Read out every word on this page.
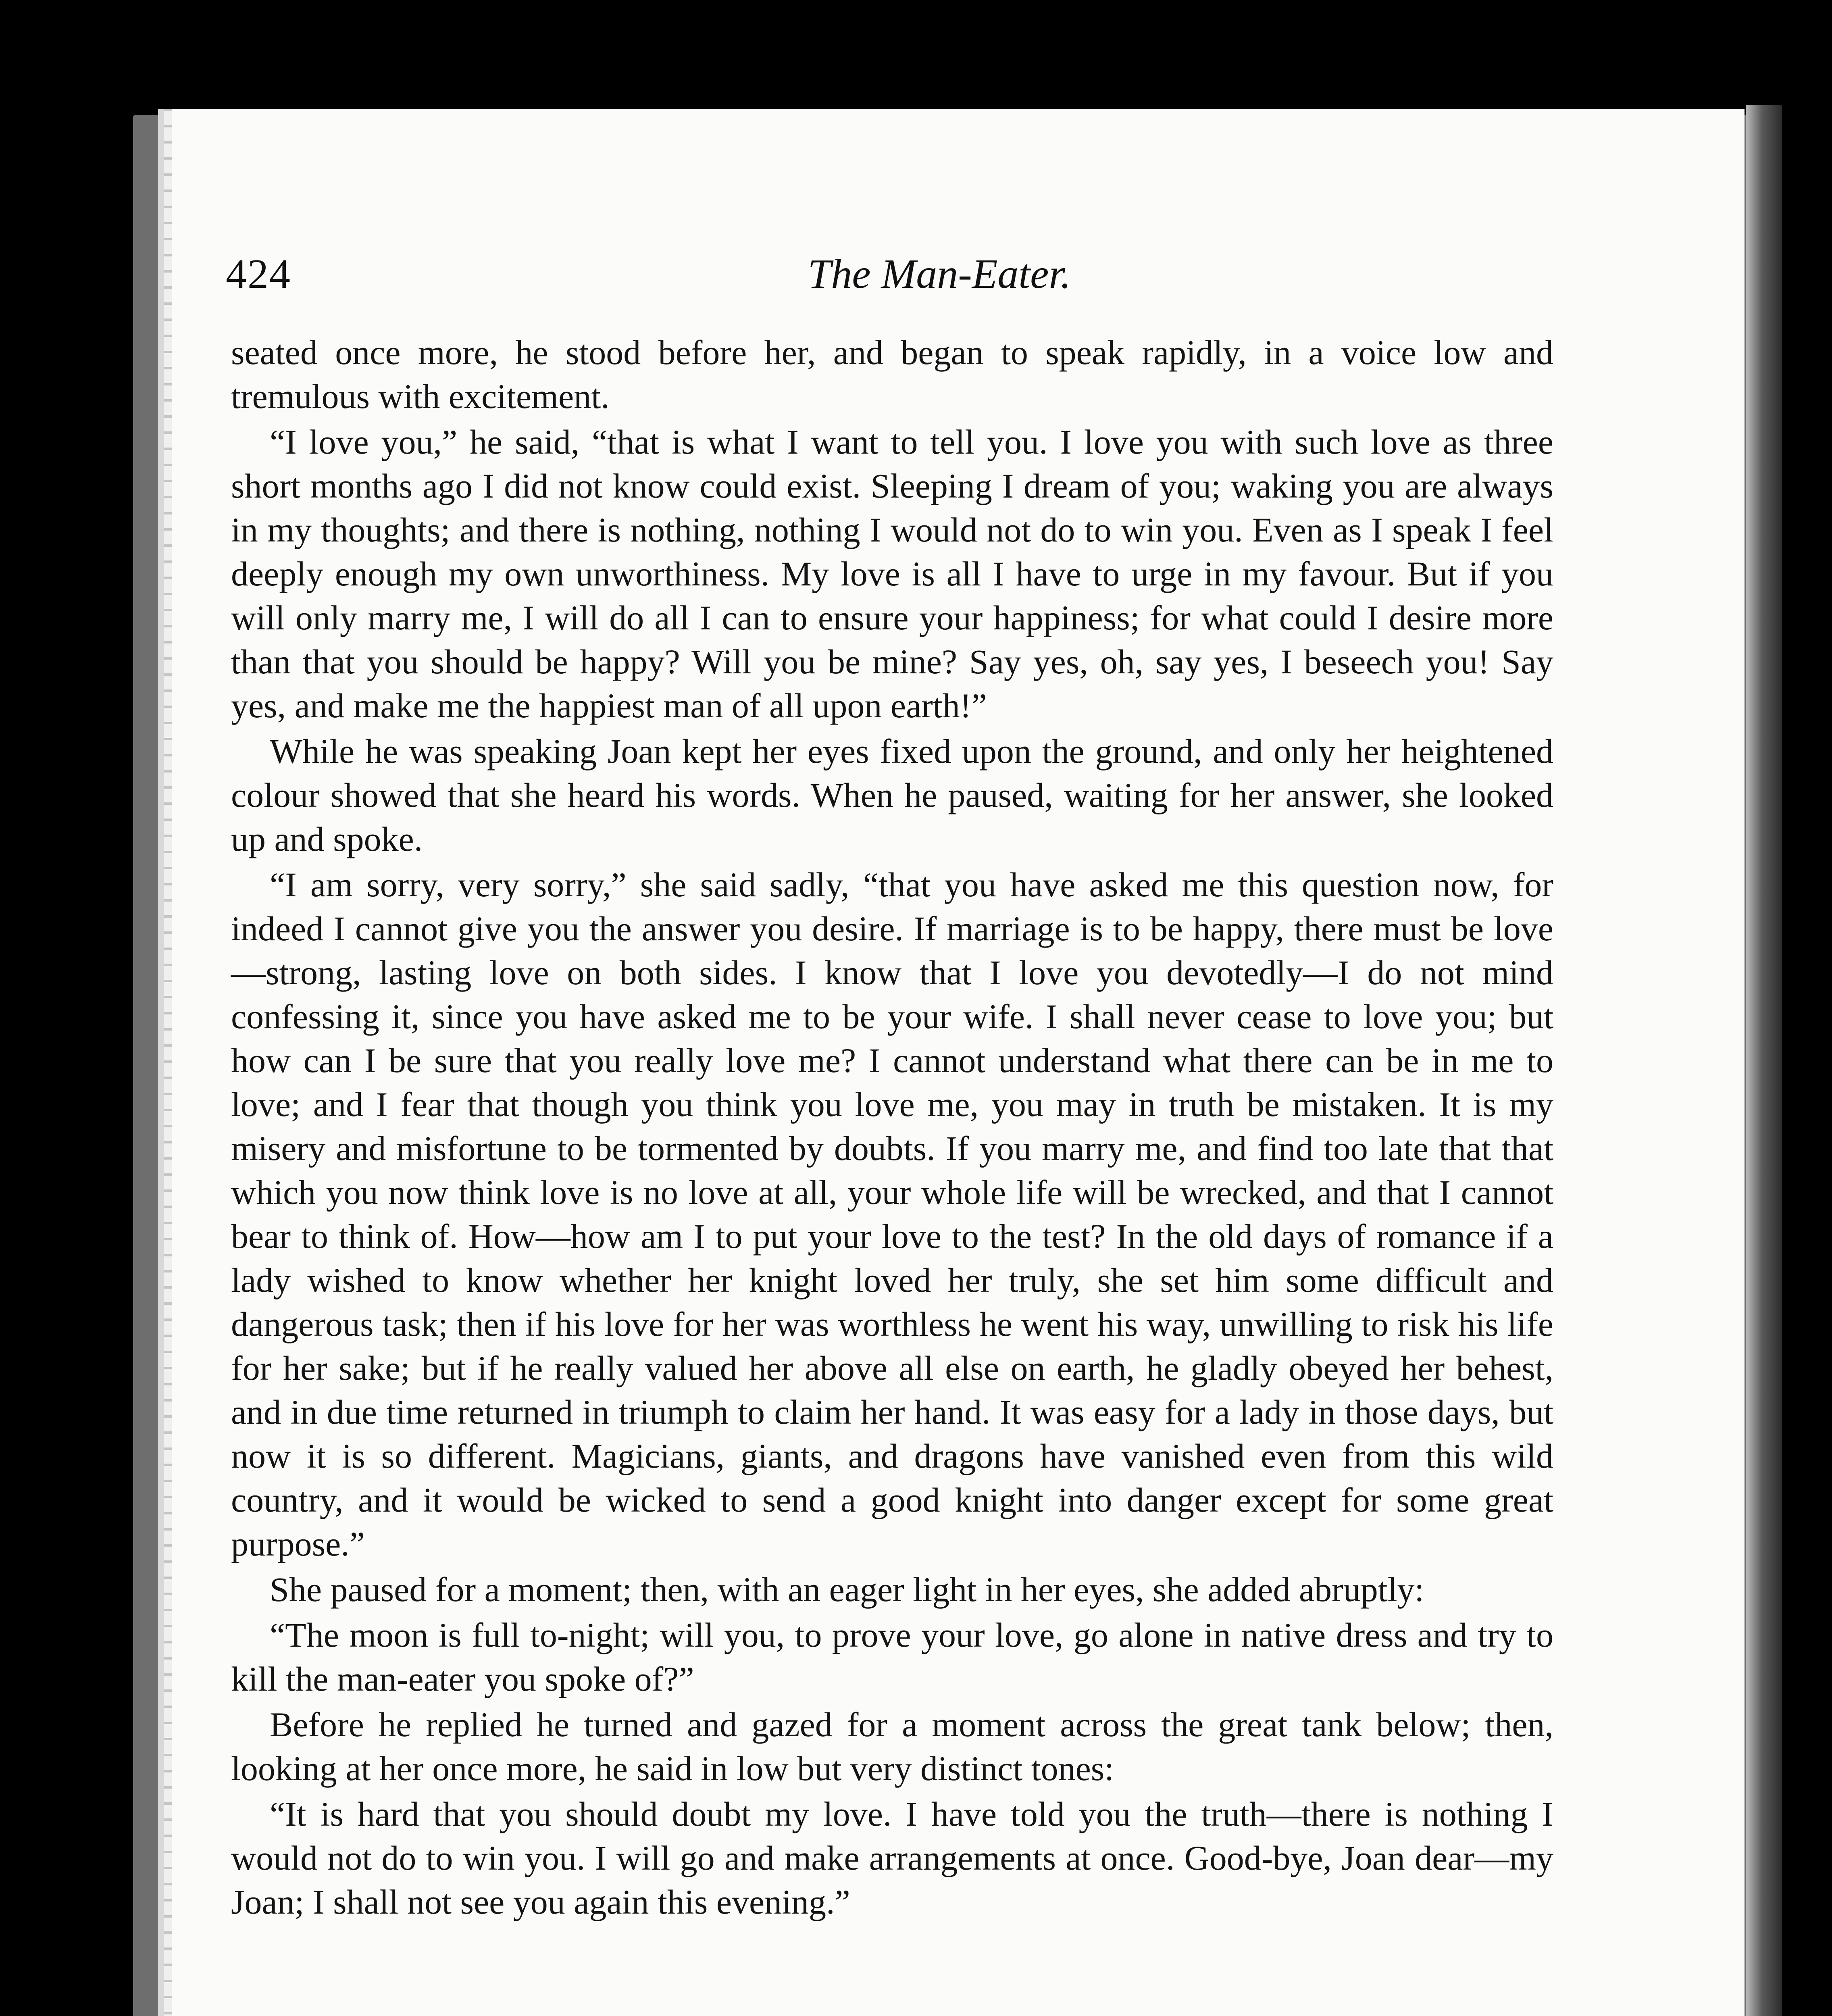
424	The Man-Eater.

seated once more, he stood before her, and began to speak rapidly, in a voice low and tremulous with excitement.

“I love you,” he said, “that is what I want to tell you. I love you with such love as three short months ago I did not know could exist. Sleeping I dream of you; waking you are always in my thoughts; and there is nothing, nothing I would not do to win you. Even as I speak I feel deeply enough my own unworthiness. My love is all I have to urge in my favour. But if you will only marry me, I will do all I can to ensure your happiness; for what could I desire more than that you should be happy? Will you be mine? Say yes, oh, say yes, I beseech you! Say yes, and make me the happiest man of all upon earth!”

While he was speaking Joan kept her eyes fixed upon the ground, and only her heightened colour showed that she heard his words. When he paused, waiting for her answer, she looked up and spoke.

“I am sorry, very sorry,” she said sadly, “that you have asked me this question now, for indeed I cannot give you the answer you desire. If marriage is to be happy, there must be love—strong, lasting love on both sides. I know that I love you devotedly—I do not mind confessing it, since you have asked me to be your wife. I shall never cease to love you; but how can I be sure that you really love me? I cannot understand what there can be in me to love; and I fear that though you think you love me, you may in truth be mistaken. It is my misery and misfortune to be tormented by doubts. If you marry me, and find too late that that which you now think love is no love at all, your whole life will be wrecked, and that I cannot bear to think of. How—how am I to put your love to the test? In the old days of romance if a lady wished to know whether her knight loved her truly, she set him some difficult and dangerous task; then if his love for her was worthless he went his way, unwilling to risk his life for her sake; but if he really valued her above all else on earth, he gladly obeyed her behest, and in due time returned in triumph to claim her hand. It was easy for a lady in those days, but now it is so different. Magicians, giants, and dragons have vanished even from this wild country, and it would be wicked to send a good knight into danger except for some great purpose.”

She paused for a moment; then, with an eager light in her eyes, she added abruptly:

“The moon is full to-night; will you, to prove your love, go alone in native dress and try to kill the man-eater you spoke of?”

Before he replied he turned and gazed for a moment across the great tank below; then, looking at her once more, he said in low but very distinct tones:

“It is hard that you should doubt my love. I have told you the truth—there is nothing I would not do to win you. I will go and make arrangements at once. Good-bye, Joan dear—my Joan; I shall not see you again this evening.”
